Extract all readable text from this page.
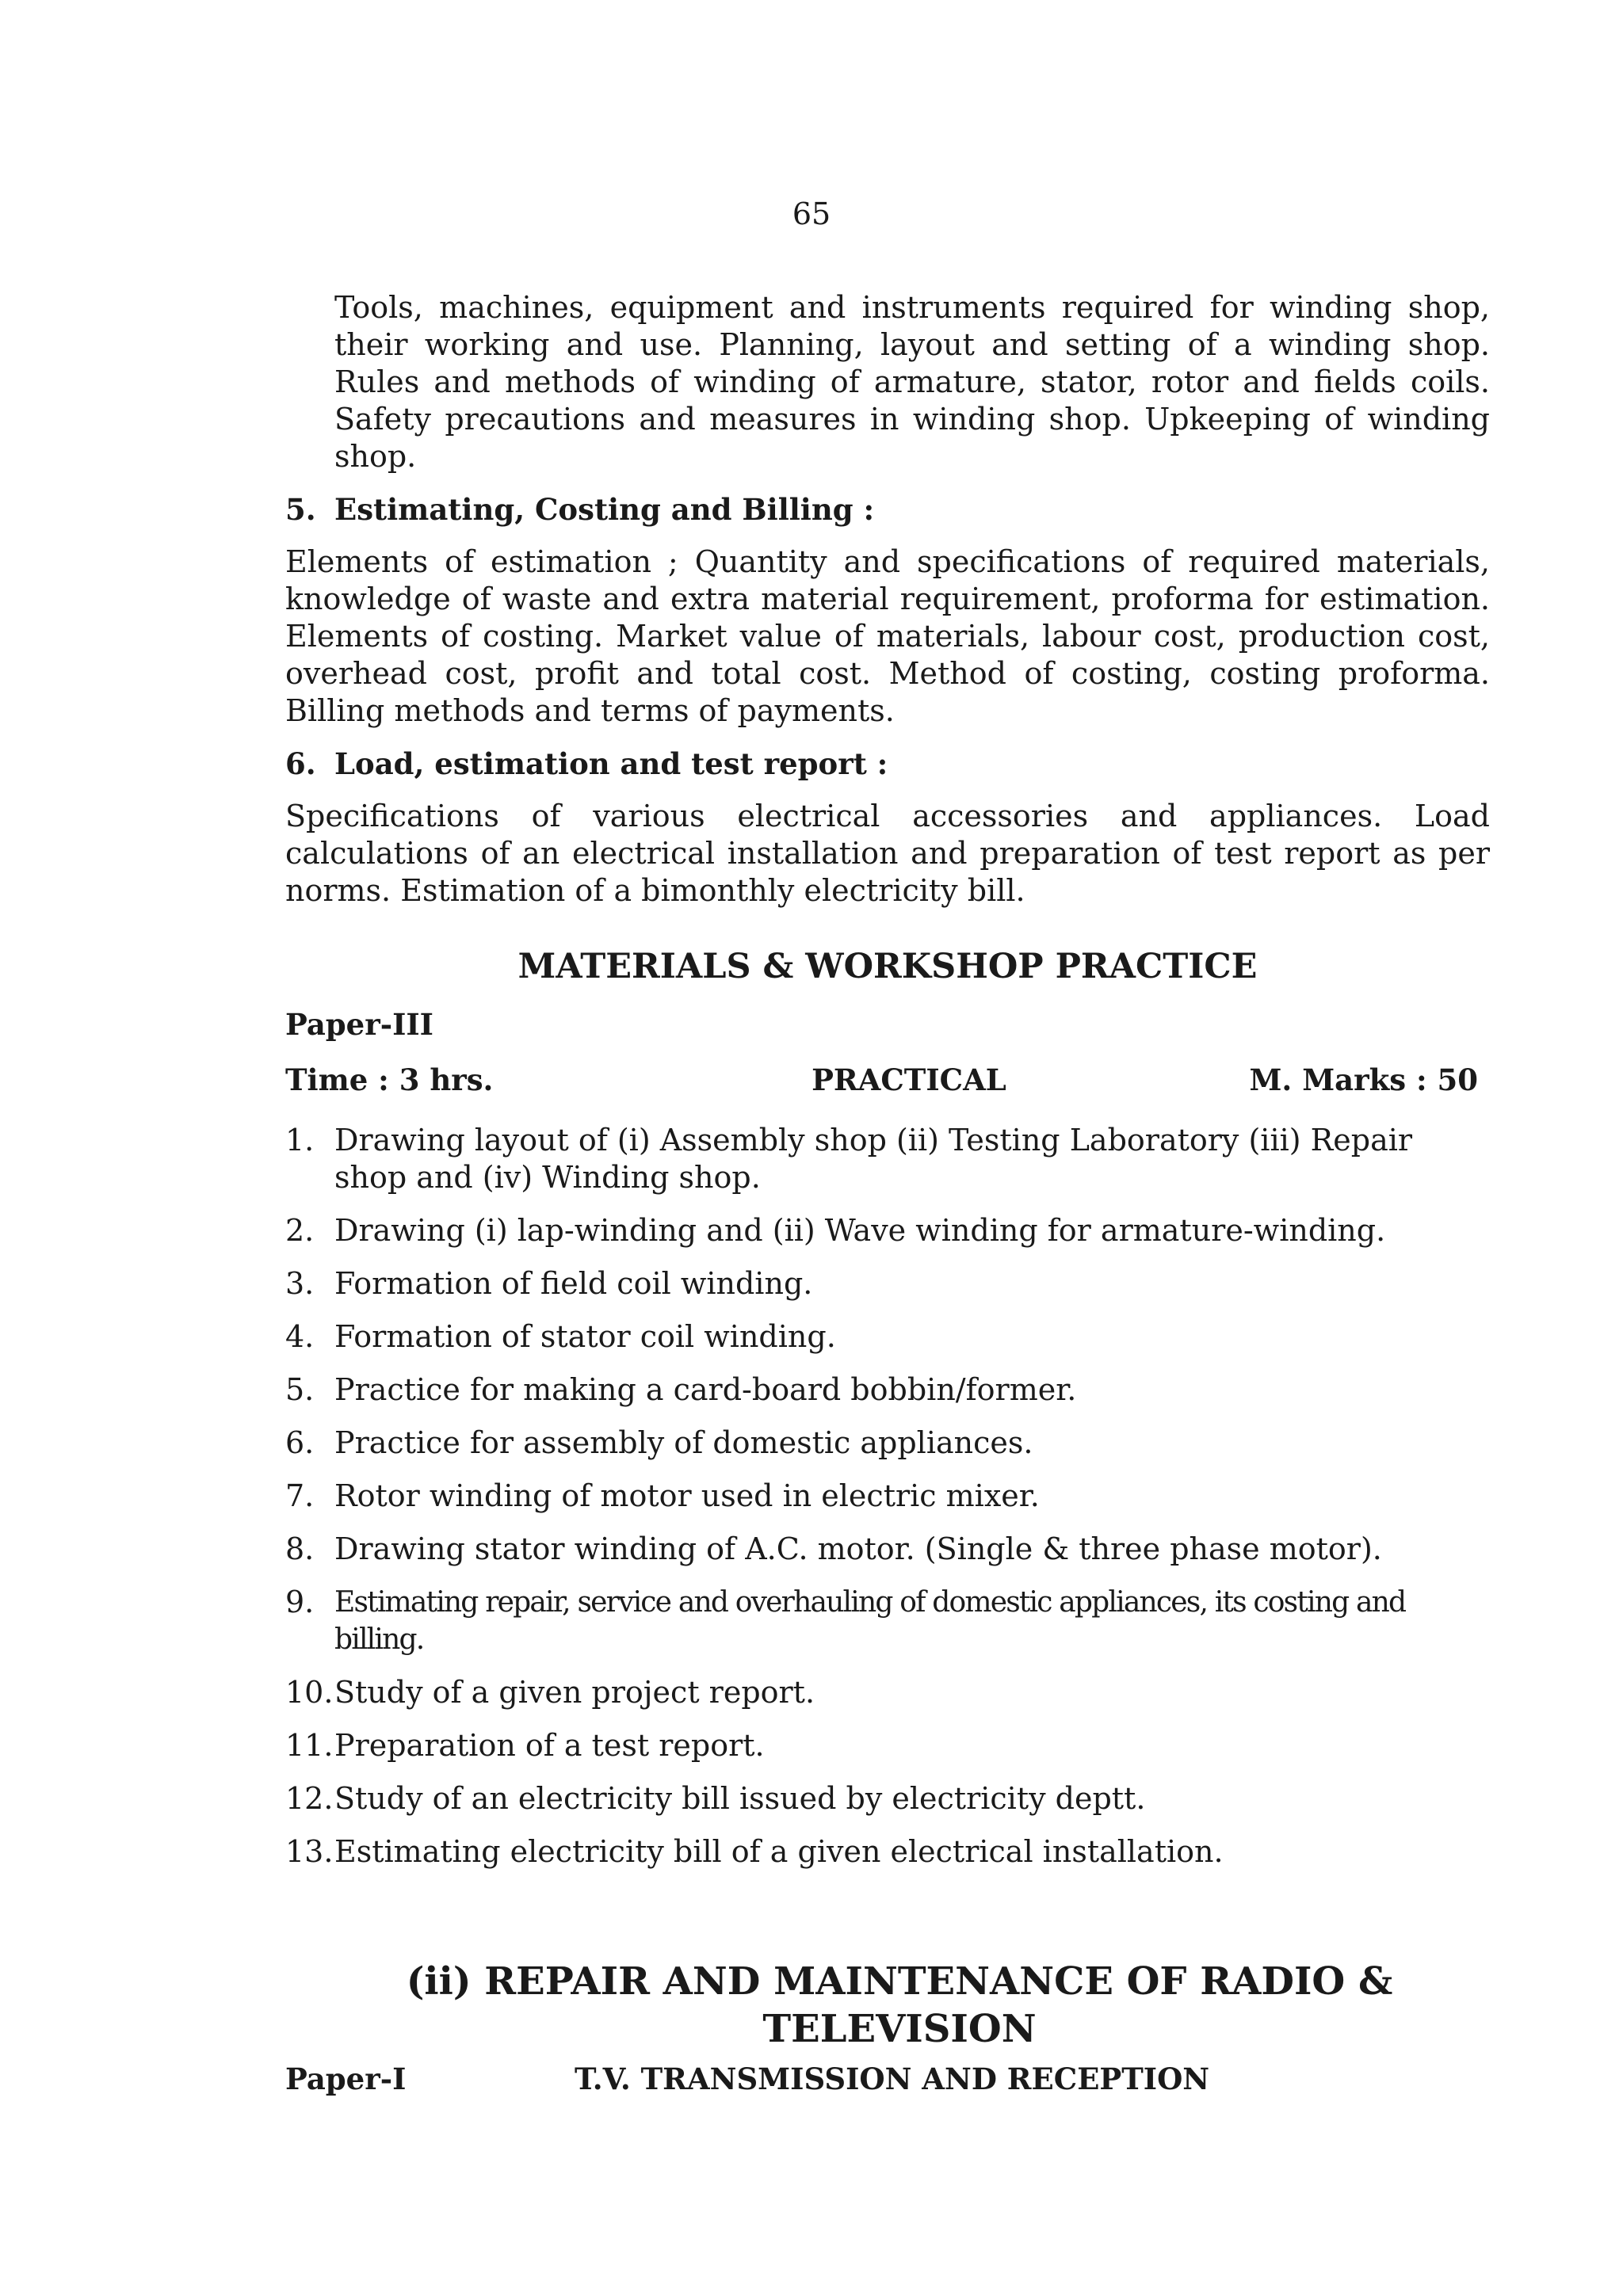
65

Tools, machines, equipment and instruments required for winding shop, their working and use. Planning, layout and setting of a winding shop. Rules and methods of winding of armature, stator, rotor and fields coils. Safety precautions and measures in winding shop. Upkeeping of winding shop.

5. Estimating, Costing and Billing :

Elements of estimation ; Quantity and specifications of required materials, knowledge of waste and extra material requirement, proforma for estimation. Elements of costing. Market value of materials, labour cost, production cost, overhead cost, profit and total cost. Method of costing, costing proforma. Billing methods and terms of payments.

6. Load, estimation and test report :

Specifications of various electrical accessories and appliances. Load calculations of an electrical installation and preparation of test report as per norms. Estimation of a bimonthly electricity bill.

MATERIALS & WORKSHOP PRACTICE
Paper-III
Time : 3 hrs.	PRACTICAL	M. Marks : 50
1. Drawing layout of (i) Assembly shop (ii) Testing Laboratory (iii) Repair shop and (iv) Winding shop.
2. Drawing (i) lap-winding and (ii) Wave winding for armature-winding.
3. Formation of field coil winding.
4. Formation of stator coil winding.
5. Practice for making a card-board bobbin/former.
6. Practice for assembly of domestic appliances.
7. Rotor winding of motor used in electric mixer.
8. Drawing stator winding of A.C. motor. (Single & three phase motor).
9. Estimating repair, service and overhauling of domestic appliances, its costing and billing.
10. Study of a given project report.
11. Preparation of a test report.
12. Study of an electricity bill issued by electricity deptt.
13. Estimating electricity bill of a given electrical installation.
(ii) REPAIR AND MAINTENANCE OF RADIO & TELEVISION
Paper-I	T.V. TRANSMISSION AND RECEPTION
